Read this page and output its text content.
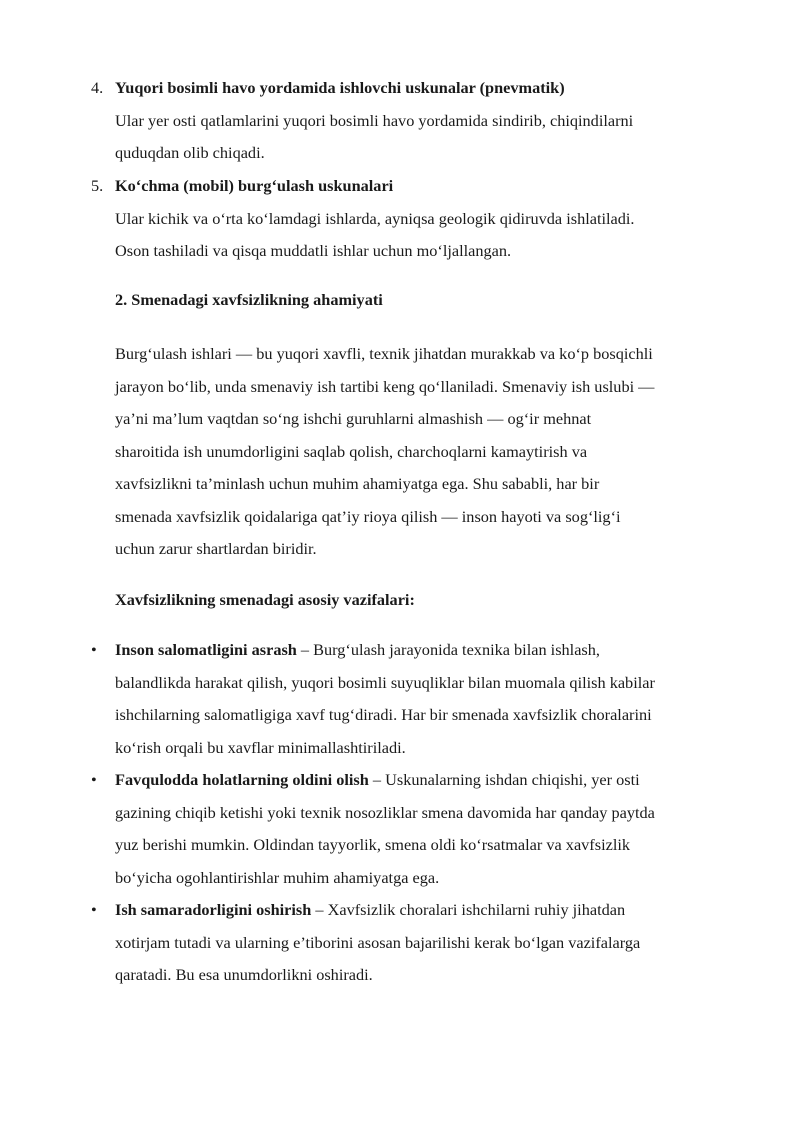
4. Yuqori bosimli havo yordamida ishlovchi uskunalar (pnevmatik)
Ular yer osti qatlamlarini yuqori bosimli havo yordamida sindirib, chiqindilarni
quduqdan olib chiqadi.
5. Ko‘chma (mobil) burg‘ulash uskunalari
Ular kichik va o‘rta ko‘lamdagi ishlarda, ayniqsa geologik qidiruvda ishlatiladi.
Oson tashiladi va qisqa muddatli ishlar uchun mo‘ljallangan.
2. Smenadagi xavfsizlikning ahamiyati
Burg‘ulash ishlari — bu yuqori xavfli, texnik jihatdan murakkab va ko‘p bosqichli
jarayon bo‘lib, unda smenaviy ish tartibi keng qo‘llaniladi. Smenaviy ish uslubi —
ya’ni ma’lum vaqtdan so‘ng ishchi guruhlarni almashish — og‘ir mehnat
sharoitida ish unumdorligini saqlab qolish, charchoqlarni kamaytirish va
xavfsizlikni ta’minlash uchun muhim ahamiyatga ega. Shu sababli, har bir
smenada xavfsizlik qoidalariga qat’iy rioya qilish — inson hayoti va sog‘lig‘i
uchun zarur shartlardan biridir.
Xavfsizlikning smenadagi asosiy vazifalari:
•	Inson salomatligini asrash – Burg‘ulash jarayonida texnika bilan ishlash,
balandlikda harakat qilish, yuqori bosimli suyuqliklar bilan muomala qilish kabilar
ishchilarning salomatligiga xavf tug‘diradi. Har bir smenada xavfsizlik choralarini
ko‘rish orqali bu xavflar minimallashtiriladi.
•	Favqulodda holatlarning oldini olish – Uskunalarning ishdan chiqishi, yer osti
gazining chiqib ketishi yoki texnik nosozliklar smena davomida har qanday paytda
yuz berishi mumkin. Oldindan tayyorlik, smena oldi ko‘rsatmalar va xavfsizlik
bo‘yicha ogohlantirishlar muhim ahamiyatga ega.
•	Ish samaradorligini oshirish – Xavfsizlik choralari ishchilarni ruhiy jihatdan
xotirjam tutadi va ularning e’tiborini asosan bajarilishi kerak bo‘lgan vazifalarga
qaratadi. Bu esa unumdorlikni oshiradi.
